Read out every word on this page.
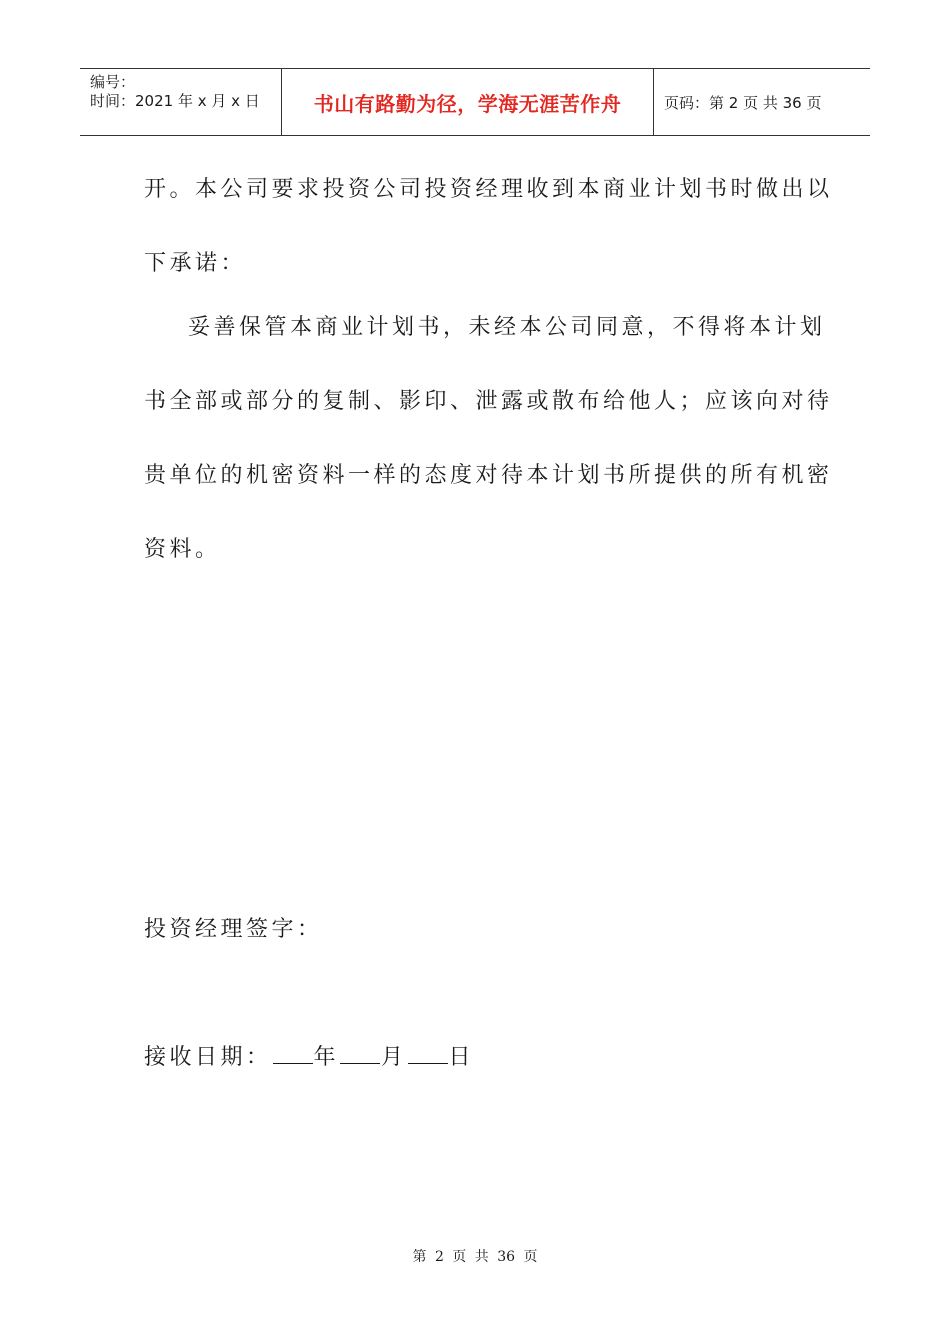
编号：
时间：2021 年 x 月 x 日	书山有路勤为径，学海无涯苦作舟	页码：第 2 页 共 36 页
开。本公司要求投资公司投资经理收到本商业计划书时做出以
下承诺：
妥善保管本商业计划书，未经本公司同意，不得将本计划
书全部或部分的复制、影印、泄露或散布给他人；应该向对待
贵单位的机密资料一样的态度对待本计划书所提供的所有机密
资料。
投资经理签字：
接收日期： 年 月 日
第 2 页 共 36 页
